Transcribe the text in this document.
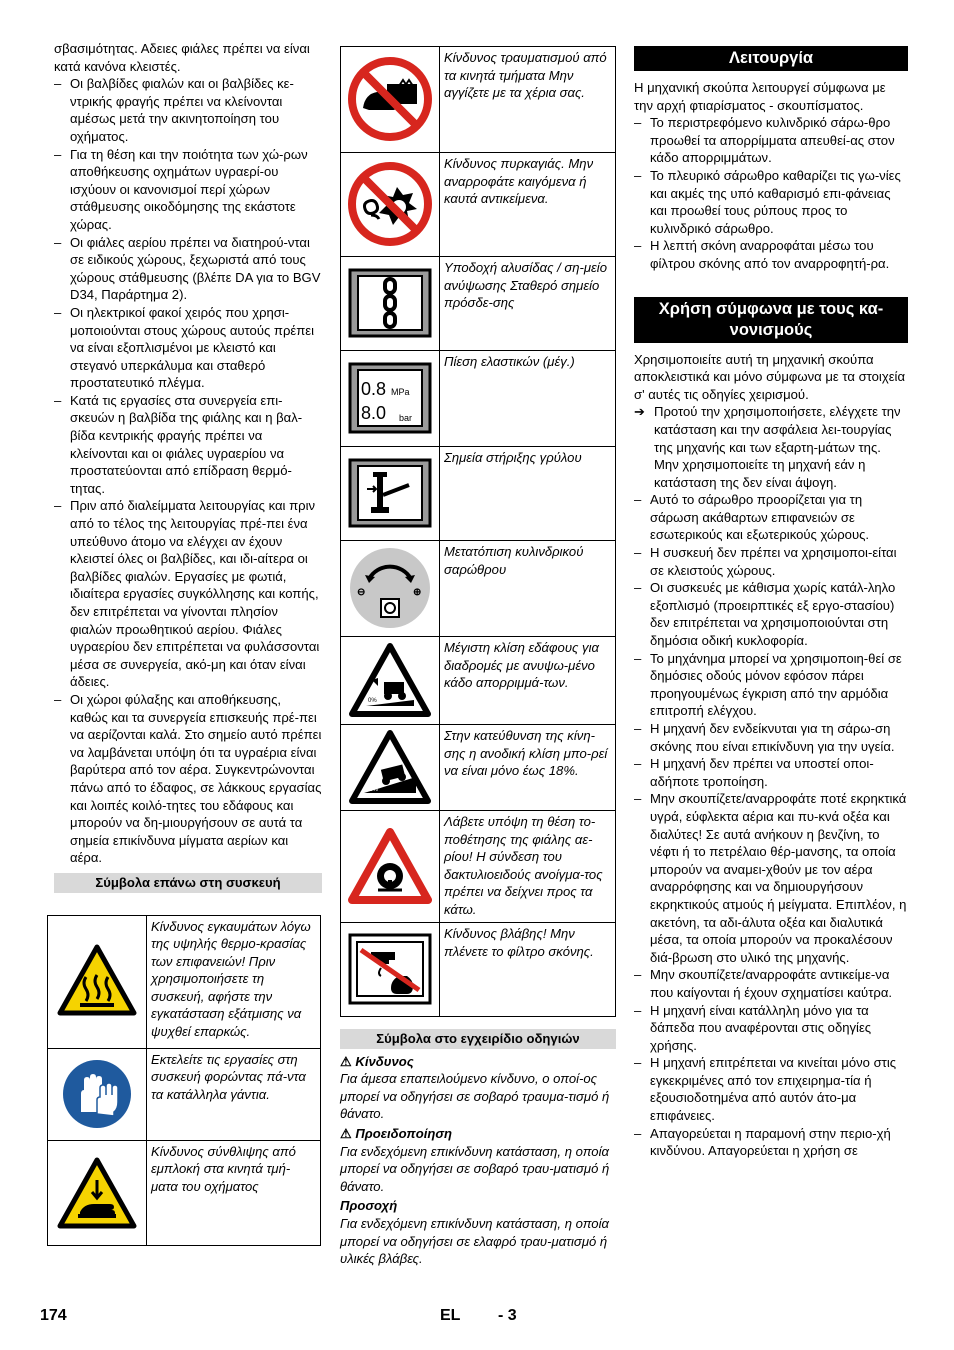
σβασιμότητας. Αδειες φιάλες πρέπει να είναι κατά κανόνα κλειστές.

– Οι βαλβίδες φιαλών και οι βαλβίδες κε-ντρικής φραγής πρέπει να κλείνονται αμέσως μετά την ακινητοποίηση του οχήματος.

– Για τη θέση και την ποιότητα των χώ-ρων αποθήκευσης οχημάτων υγραερί-ου ισχύουν οι κανονισμοί περί χώρων στάθμευσης οικοδόμησης της εκάστοτε χώρας.

– Οι φιάλες αερίου πρέπει να διατηρού-νται σε ειδικούς χώρους, ξεχωριστά από τους χώρους στάθμευσης (βλέπε DA για το BGV D34, Παράρτημα 2).

– Οι ηλεκτρικοί φακοί χειρός που χρησι-μοποιούνται στους χώρους αυτούς πρέπει να είναι εξοπλισμένοι με κλειστό και στεγανό υπερκάλυμα και σταθερό προστατευτικό πλέγμα.

– Κατά τις εργασίες στα συνεργεία επι-σκευών η βαλβίδα της φιάλης και η βαλ-βίδα κεντρικής φραγής πρέπει να κλείνονται και οι φιάλες υγραερίου να προστατεύονται από επίδραση θερμό-τητας.

– Πριν από διαλείμματα λειτουργίας και πριν από το τέλος της λειτουργίας πρέ-πει ένα υπεύθυνο άτομο να ελέγχει αν έχουν κλειστεί όλες οι βαλβίδες, και ιδι-αίτερα οι βαλβίδες φιαλών. Εργασίες με φωτιά, ιδιαίτερα εργασίες συγκόλλησης και κοπής, δεν επιτρέπεται να γίνονται πλησίον φιαλών προωθητικού αερίου. Φιάλες υγραερίου δεν επιτρέπεται να φυλάσσονται μέσα σε συνεργεία, ακό-μη και όταν είναι άδειες.

– Οι χώροι φύλαξης και αποθήκευσης, καθώς και τα συνεργεία επισκευής πρέ-πει να αερίζονται καλά. Στο σημείο αυτό πρέπει να λαμβάνεται υπόψη ότι τα υγραέρια είναι βαρύτερα από τον αέρα. Συγκεντρώνονται πάνω από το έδαφος, σε λάκκους εργασίας και λοιπές κοιλό-τητες του εδάφους και μπορούν να δη-μιουργήσουν σε αυτά τα σημεία επικίνδυνα μίγματα αερίων και αέρα.

Σύμβολα επάνω στη συσκευή
	Κίνδυνος εγκαυμάτων λόγω της υψηλής θερμο-κρασίας των επιφανειών! Πριν χρησιμοποιήσετε τη συσκευή, αφήστε την εγκατάσταση εξάτμισης να ψυχθεί επαρκώς.

	Εκτελείτε τις εργασίες στη συσκευή φορώντας πά-ντα τα κατάλληλα γάντια.

	Κίνδυνος σύνθλιψης από εμπλοκή στα κινητά τμή-ματα του οχήματος
	Κίνδυνος τραυματισμού από τα κινητά τμήματα Μην αγγίζετε με τα χέρια σας.

	Κίνδυνος πυρκαγιάς. Μην αναρροφάτε καιγόμενα ή καυτά αντικείμενα.

	Υποδοχή αλυσίδας / ση-μείο ανύψωσης Σταθερό σημείο πρόσδε-σης

0.8 MPa
8.0 bar	Πίεση ελαστικών (μέγ.)

	Σημεία στήριξης γρύλου

⊖ ⊕	Μετατόπιση κυλινδρικού σαρώθρου

0%	Μέγιστη κλίση εδάφους για διαδρομές με ανυψω-μένο κάδο απορριμμά-των.

18%	Στην κατεύθυνση της κίνη-σης η ανοδική κλίση μπο-ρεί να είναι μόνο έως 18%.

	Λάβετε υπόψη τη θέση το-ποθέτησης της φιάλης αε-ρίου! Η σύνδεση του δακτυλιοειδούς ανοίγμα-τος πρέπει να δείχνει προς τα κάτω.

	Κίνδυνος βλάβης! Μην πλένετε το φίλτρο σκόνης.
Σύμβολα στο εγχειρίδιο οδηγιών

⚠ Κίνδυνος

Για άμεσα επαπειλούμενο κίνδυνο, ο οποί-ος μπορεί να οδηγήσει σε σοβαρό τραυμα-τισμό ή θάνατο.

⚠ Προειδοποίηση

Για ενδεχόμενη επικίνδυνη κατάσταση, η οποία μπορεί να οδηγήσει σε σοβαρό τραυ-ματισμό ή θάνατο.

Προσοχή

Για ενδεχόμενη επικίνδυνη κατάσταση, η οποία μπορεί να οδηγήσει σε ελαφρό τραυ-ματισμό ή υλικές βλάβες.

Λειτουργία

Η μηχανική σκούπα λειτουργεί σύμφωνα με την αρχή φτιαρίσματος - σκουπίσματος.

– Το περιστρεφόμενο κυλινδρικό σάρω-θρο προωθεί τα απορρίμματα απευθεί-ας στον κάδο απορριμμάτων.

– Το πλευρικό σάρωθρο καθαρίζει τις γω-νίες και ακμές της υπό καθαρισμό επι-φάνειας και προωθεί τους ρύπους προς το κυλινδρικό σάρωθρο.

– Η λεπτή σκόνη αναρροφάται μέσω του φίλτρου σκόνης από τον αναρροφητή-ρα.

Χρήση σύμφωνα με τους κα-νονισμούς

Χρησιμοποιείτε αυτή τη μηχανική σκούπα αποκλειστικά και μόνο σύμφωνα με τα στοιχεία σ' αυτές τις οδηγίες χειρισμού.

➔ Προτού την χρησιμοποιήσετε, ελέγχετε την κατάσταση και την ασφάλεια λει-τουργίας της μηχανής και των εξαρτη-μάτων της. Μην χρησιμοποιείτε τη μηχανή εάν η κατάσταση της δεν είναι άψογη.

– Αυτό το σάρωθρο προορίζεται για τη σάρωση ακάθαρτων επιφανειών σε εσωτερικούς και εξωτερικούς χώρους.

– Η συσκευή δεν πρέπει να χρησιμοποι-είται σε κλειστούς χώρους.

– Οι συσκευές με κάθισμα χωρίς κατάλ-ληλο εξοπλισμό (προειρπτικές εξ εργο-στασίου) δεν επιτρέπεται να χρησιμοποιούνται στη δημόσια οδική κυκλοφορία.

– Το μηχάνημα μπορεί να χρησιμοποιη-θεί σε δημόσιες οδούς μόνον εφόσον πάρει προηγουμένως έγκριση από την αρμόδια επιτροπή ελέγχου.

– Η μηχανή δεν ενδείκνυται για τη σάρω-ση σκόνης που είναι επικίνδυνη για την υγεία.

– Η μηχανή δεν πρέπει να υποστεί οποι-αδήποτε τροποίηση.

– Μην σκουπίζετε/αναρροφάτε ποτέ εκρηκτικά υγρά, εύφλεκτα αέρια και πυ-κνά οξέα και διαλύτες! Σε αυτά ανήκουν η βενζίνη, το νέφτι ή το πετρέλαιο θέρ-μανσης, τα οποία μπορούν να αναμει-χθούν με τον αέρα αναρρόφησης και να δημιουργήσουν εκρηκτικούς ατμούς ή μείγματα. Επιπλέον, η ακετόνη, τα αδι-άλυτα οξέα και διαλυτικά μέσα, τα οποία μπορούν να προκαλέσουν διά-βρωση στο υλικό της μηχανής.

– Μην σκουπίζετε/αναρροφάτε αντικείμε-να που καίγονται ή έχουν σχηματίσει καύτρα.

– Η μηχανή είναι κατάλληλη μόνο για τα δάπεδα που αναφέρονται στις οδηγίες χρήσης.

– Η μηχανή επιτρέπεται να κινείται μόνο στις εγκεκριμένες από τον επιχειρημα-τία ή εξουσιοδοτημένα από αυτόν άτο-μα επιφάνειες.

– Απαγορεύεται η παραμονή στην περιο-χή κινδύνου. Απαγορεύεται η χρήση σε

174	EL - 3
